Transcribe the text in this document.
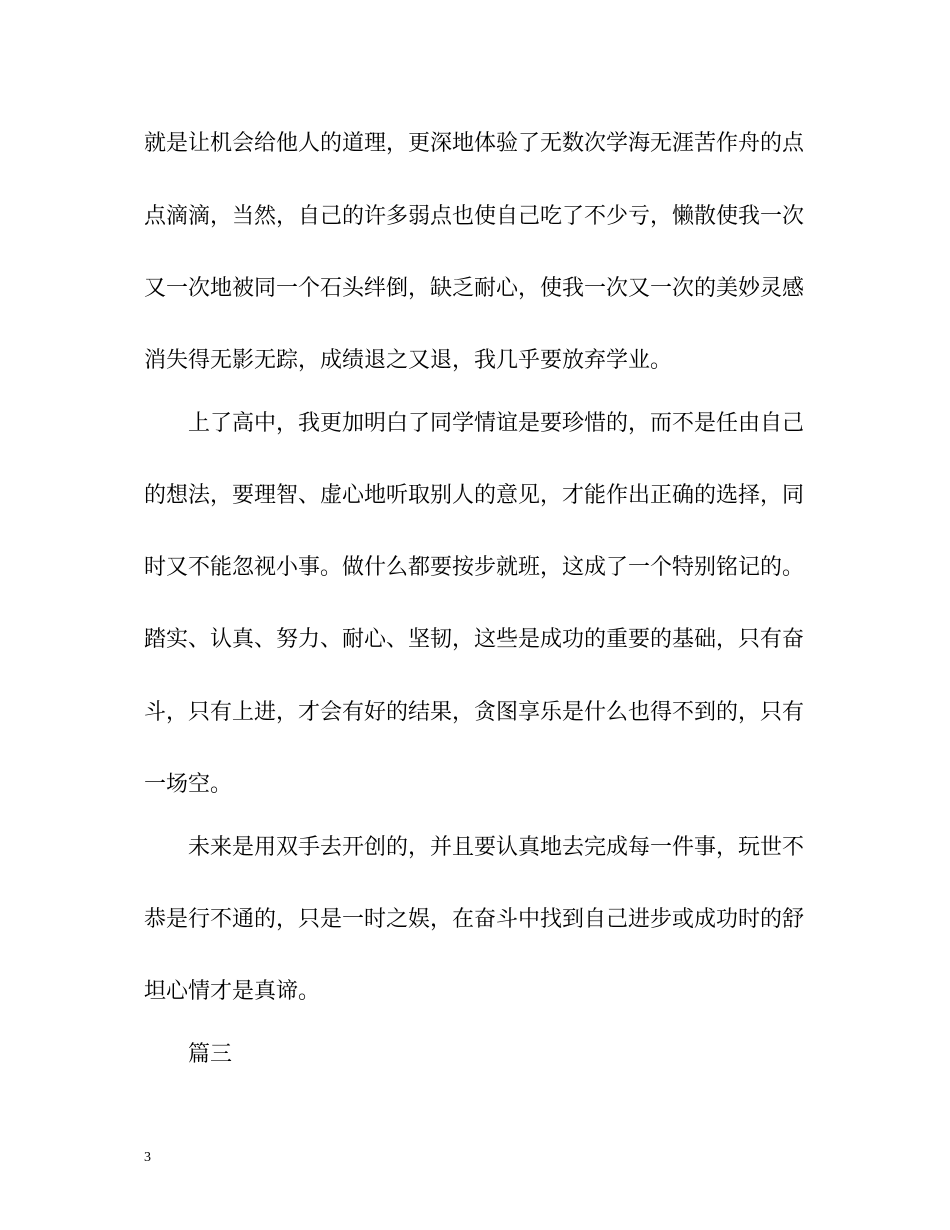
就是让机会给他人的道理，更深地体验了无数次学海无涯苦作舟的点
点滴滴，当然，自己的许多弱点也使自己吃了不少亏，懒散使我一次
又一次地被同一个石头绊倒，缺乏耐心，使我一次又一次的美妙灵感
消失得无影无踪，成绩退之又退，我几乎要放弃学业。
上了高中，我更加明白了同学情谊是要珍惜的，而不是任由自己
的想法，要理智、虚心地听取别人的意见，才能作出正确的选择，同
时又不能忽视小事。做什么都要按步就班，这成了一个特别铭记的。
踏实、认真、努力、耐心、坚韧，这些是成功的重要的基础，只有奋
斗，只有上进，才会有好的结果，贪图享乐是什么也得不到的，只有
一场空。
未来是用双手去开创的，并且要认真地去完成每一件事，玩世不
恭是行不通的，只是一时之娱，在奋斗中找到自己进步或成功时的舒
坦心情才是真谛。
篇三
3
